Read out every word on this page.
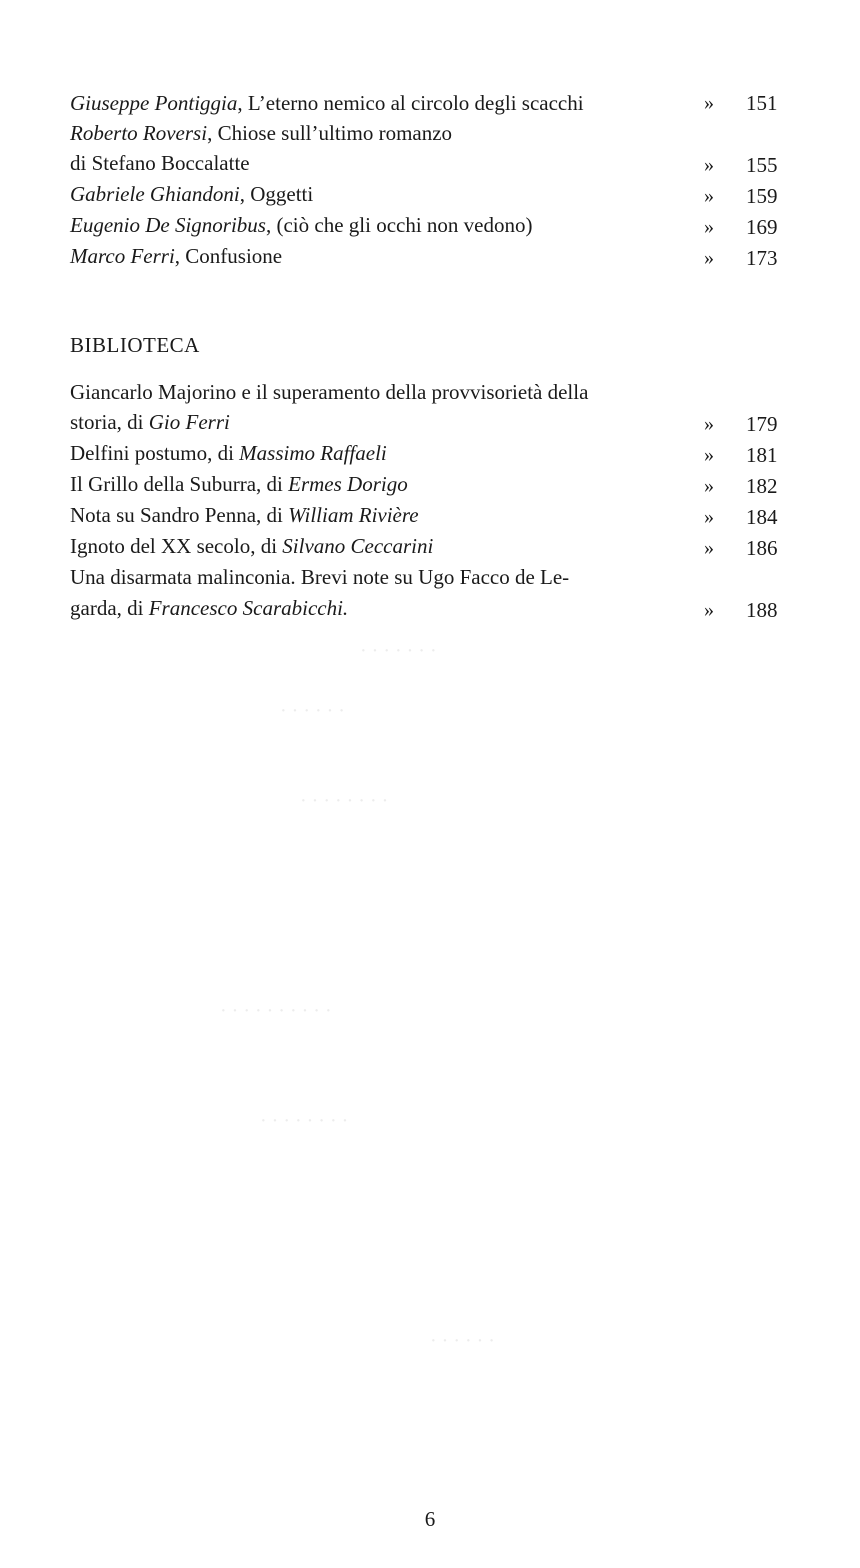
· · · · · · ·
· · · · · ·
· · · · · · · ·
· · · · · · · · · ·
· · · · · · · ·
· · · · · ·
Giuseppe Pontiggia, L’eterno nemico al circolo degli scacchi	»	151
Roberto Roversi, Chiose sull’ultimo romanzo
di Stefano Boccalatte	»	155
Gabriele Ghiandoni, Oggetti	»	159
Eugenio De Signoribus, (ciò che gli occhi non vedono)	»	169
Marco Ferri, Confusione	»	173
BIBLIOTECA
Giancarlo Majorino e il superamento della provvisorietà della
storia, di Gio Ferri	»	179
Delfini postumo, di Massimo Raffaeli	»	181
Il Grillo della Suburra, di Ermes Dorigo	»	182
Nota su Sandro Penna, di William Rivière	»	184
Ignoto del XX secolo, di Silvano Ceccarini	»	186
Una disarmata malinconia. Brevi note su Ugo Facco de Le-
garda, di Francesco Scarabicchi.	»	188
6
